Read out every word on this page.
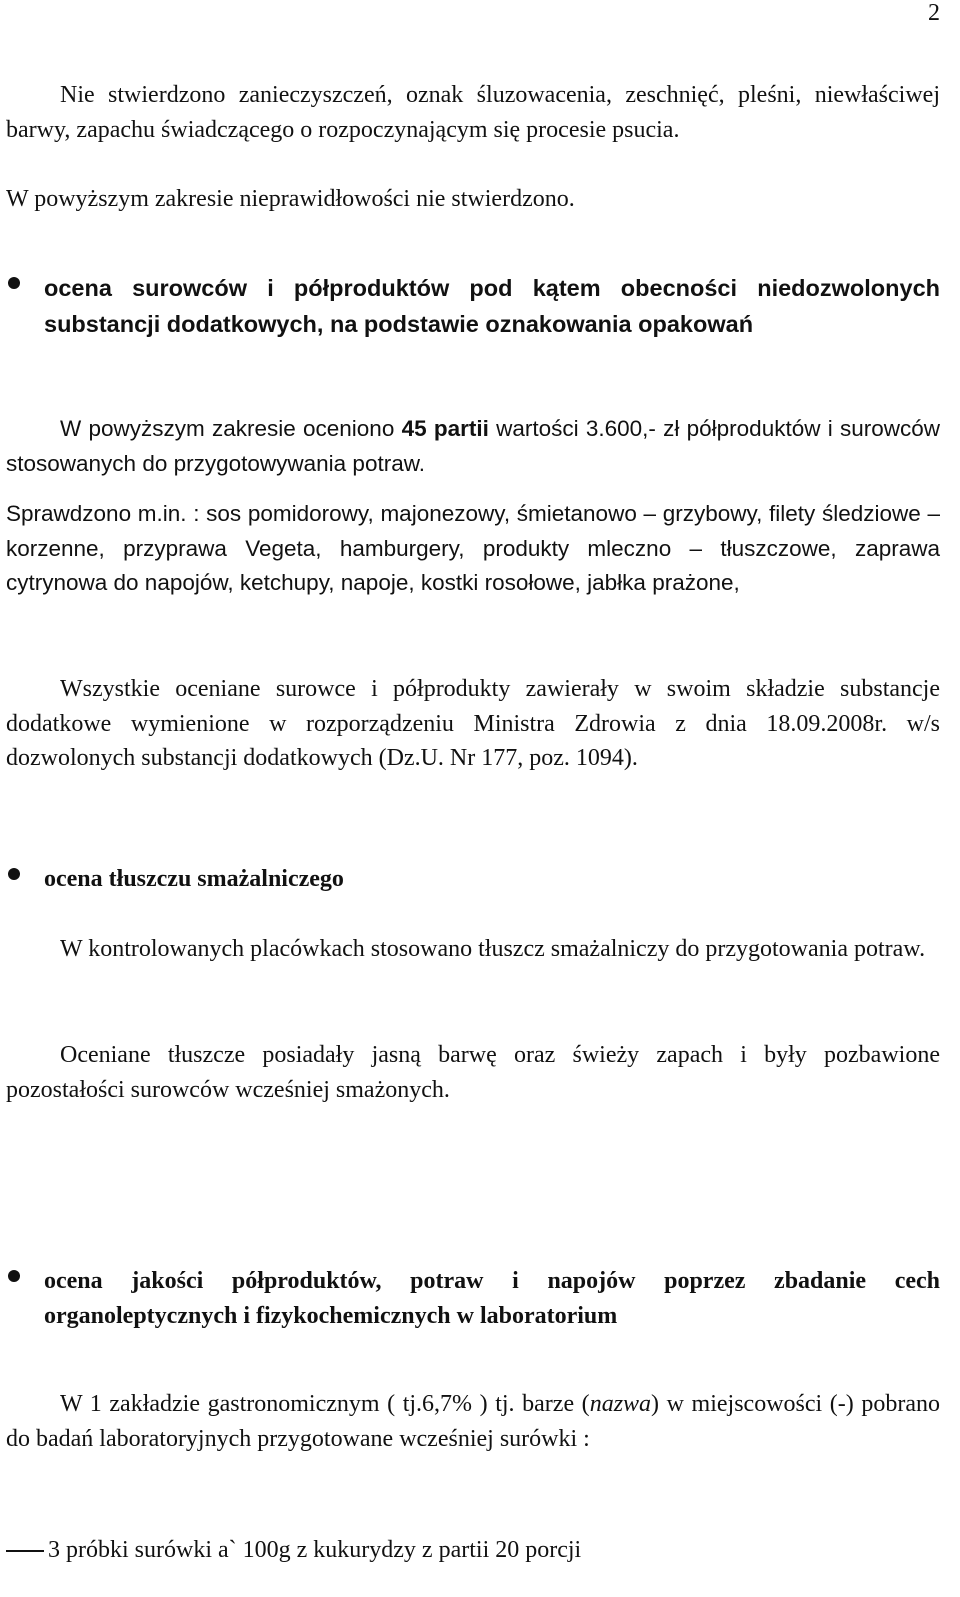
2
Nie stwierdzono zanieczyszczeń, oznak śluzowacenia, zeschnięć, pleśni, niewłaściwej barwy, zapachu świadczącego o rozpoczynającym się procesie psucia.
W powyższym zakresie nieprawidłowości nie stwierdzono.
ocena surowców i półproduktów pod kątem obecności niedozwolonych substancji dodatkowych, na podstawie oznakowania opakowań
W powyższym zakresie oceniono 45 partii wartości 3.600,- zł półproduktów i surowców stosowanych do przygotowywania potraw.
Sprawdzono m.in. : sos pomidorowy, majonezowy, śmietanowo – grzybowy, filety śledziowe – korzenne, przyprawa Vegeta, hamburgery, produkty mleczno – tłuszczowe, zaprawa cytrynowa do napojów, ketchupy, napoje, kostki rosołowe, jabłka prażone,
Wszystkie oceniane surowce i półprodukty zawierały w swoim składzie substancje dodatkowe wymienione w rozporządzeniu Ministra Zdrowia z dnia 18.09.2008r. w/s dozwolonych substancji dodatkowych (Dz.U. Nr 177, poz. 1094).
ocena tłuszczu smażalniczego
W kontrolowanych placówkach stosowano tłuszcz smażalniczy do przygotowania potraw.
Oceniane tłuszcze posiadały jasną barwę oraz świeży zapach i były pozbawione pozostałości surowców wcześniej smażonych.
ocena jakości półproduktów, potraw i napojów poprzez zbadanie cech organoleptycznych i fizykochemicznych w laboratorium
W 1 zakładzie gastronomicznym ( tj.6,7% ) tj. barze (nazwa) w miejscowości (-) pobrano do badań laboratoryjnych przygotowane wcześniej surówki :
3 próbki surówki a` 100g z kukurydzy z partii 20 porcji
